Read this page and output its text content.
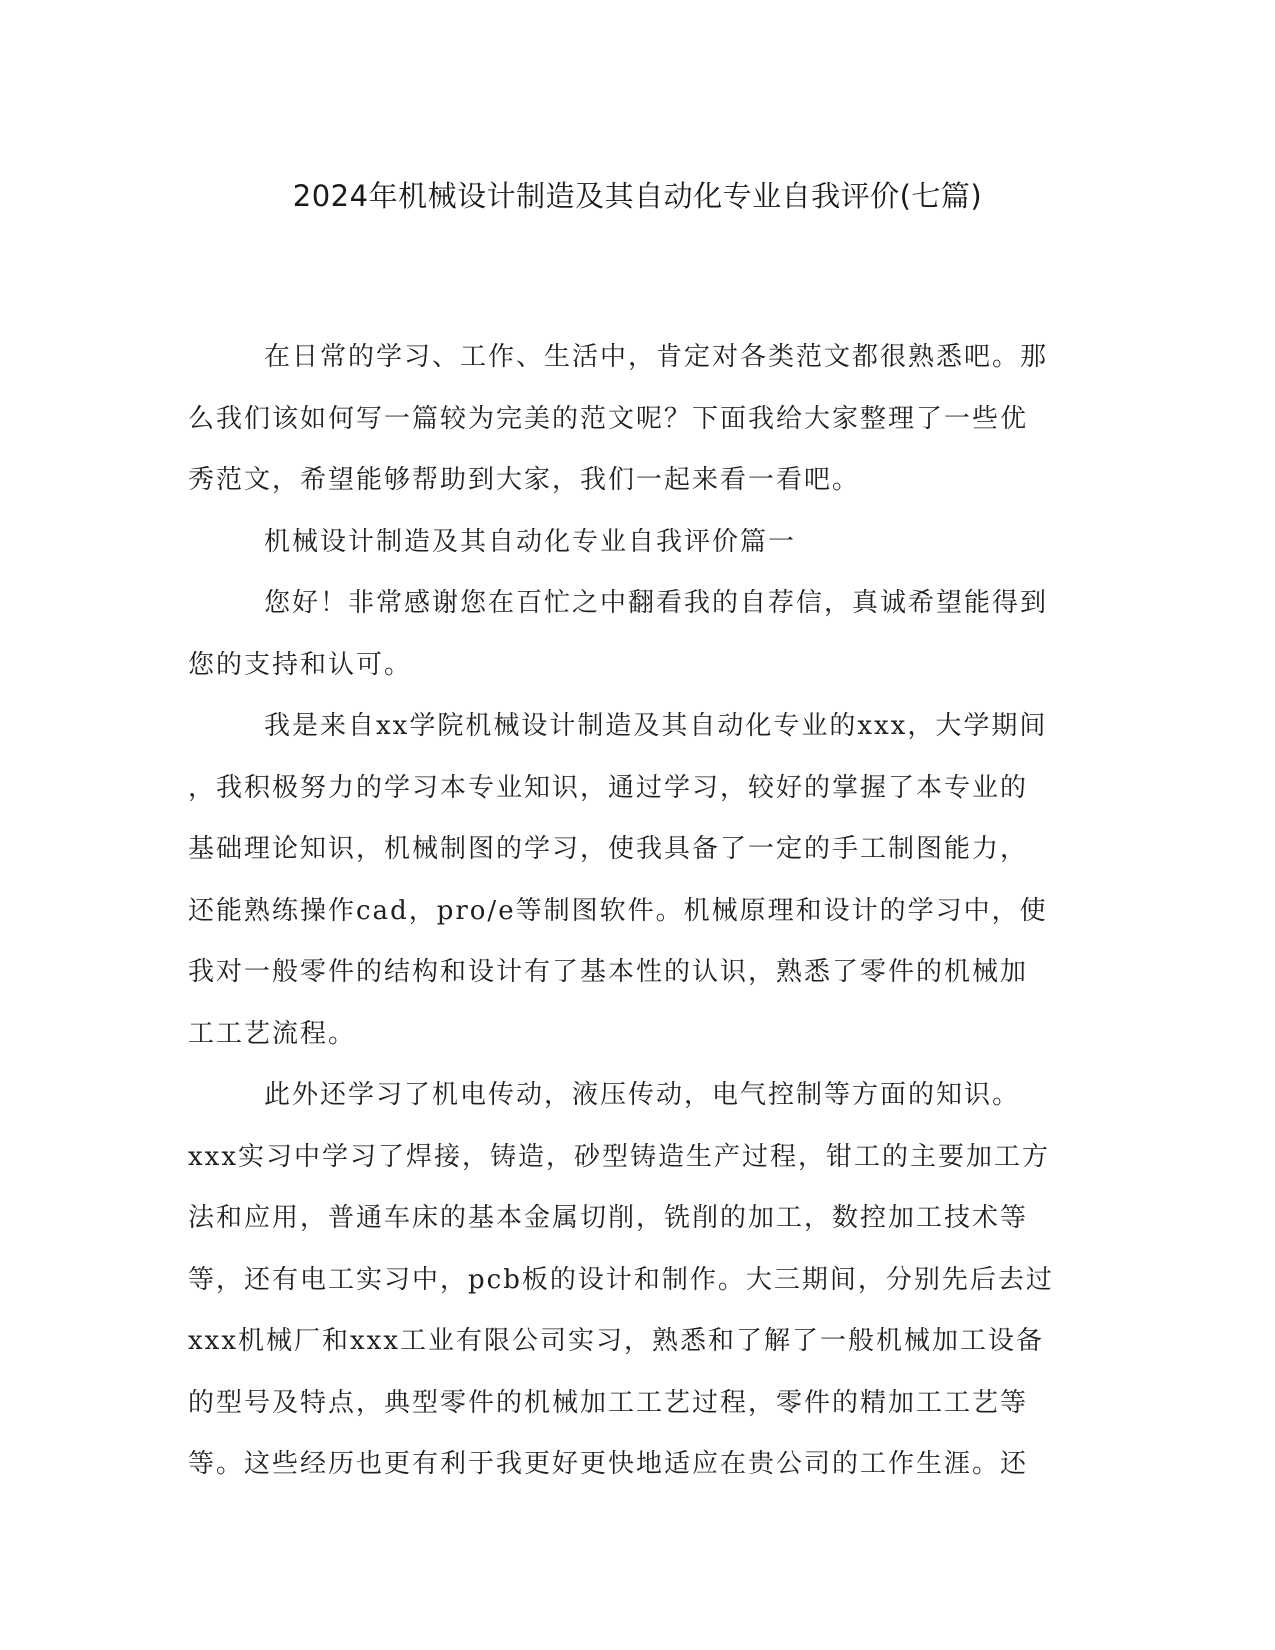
2024年机械设计制造及其自动化专业自我评价(七篇)
在日常的学习、工作、生活中，肯定对各类范文都很熟悉吧。那
么我们该如何写一篇较为完美的范文呢？下面我给大家整理了一些优
秀范文，希望能够帮助到大家，我们一起来看一看吧。
机械设计制造及其自动化专业自我评价篇一
您好！非常感谢您在百忙之中翻看我的自荐信，真诚希望能得到
您的支持和认可。
我是来自xx学院机械设计制造及其自动化专业的xxx，大学期间
，我积极努力的学习本专业知识，通过学习，较好的掌握了本专业的
基础理论知识，机械制图的学习，使我具备了一定的手工制图能力，
还能熟练操作cad，pro/e等制图软件。机械原理和设计的学习中，使
我对一般零件的结构和设计有了基本性的认识，熟悉了零件的机械加
工工艺流程。
此外还学习了机电传动，液压传动，电气控制等方面的知识。
xxx实习中学习了焊接，铸造，砂型铸造生产过程，钳工的主要加工方
法和应用，普通车床的基本金属切削，铣削的加工，数控加工技术等
等，还有电工实习中，pcb板的设计和制作。大三期间，分别先后去过
xxx机械厂和xxx工业有限公司实习，熟悉和了解了一般机械加工设备
的型号及特点，典型零件的机械加工工艺过程，零件的精加工工艺等
等。这些经历也更有利于我更好更快地适应在贵公司的工作生涯。还
